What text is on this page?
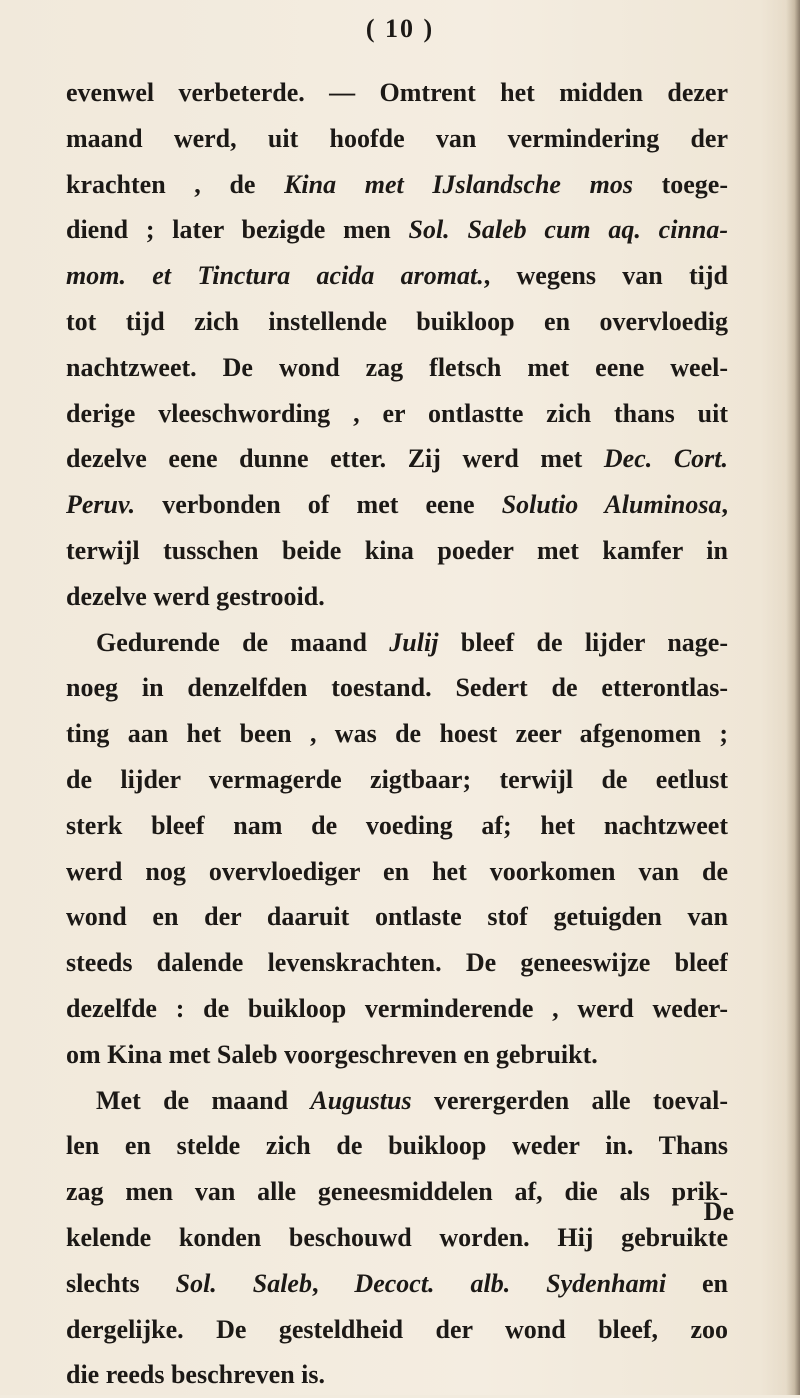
( 10 )
evenwel verbeterde. — Omtrent het midden dezer
maand werd, uit hoofde van vermindering der
krachten , de Kina met IJslandsche mos toege-
diend ; later bezigde men Sol. Saleb cum aq. cinna-
mom. et Tinctura acida aromat., wegens van tijd
tot tijd zich instellende buikloop en overvloedig
nachtzweet. De wond zag fletsch met eene weel-
derige vleeschwording , er ontlastte zich thans uit
dezelve eene dunne etter. Zij werd met Dec. Cort.
Peruv. verbonden of met eene Solutio Aluminosa,
terwijl tusschen beide kina poeder met kamfer in
dezelve werd gestrooid.
Gedurende de maand Julij bleef de lijder nage-
noeg in denzelfden toestand. Sedert de etterontlas-
ting aan het been , was de hoest zeer afgenomen ;
de lijder vermagerde zigtbaar; terwijl de eetlust
sterk bleef nam de voeding af; het nachtzweet
werd nog overvloediger en het voorkomen van de
wond en der daaruit ontlaste stof getuigden van
steeds dalende levenskrachten. De geneeswijze bleef
dezelfde : de buikloop verminderende , werd weder-
om Kina met Saleb voorgeschreven en gebruikt.
Met de maand Augustus verergerden alle toeval-
len en stelde zich de buikloop weder in. Thans
zag men van alle geneesmiddelen af, die als prik-
kelende konden beschouwd worden. Hij gebruikte
slechts Sol. Saleb, Decoct. alb. Sydenhami en
dergelijke. De gesteldheid der wond bleef, zoo
die reeds beschreven is.
De
